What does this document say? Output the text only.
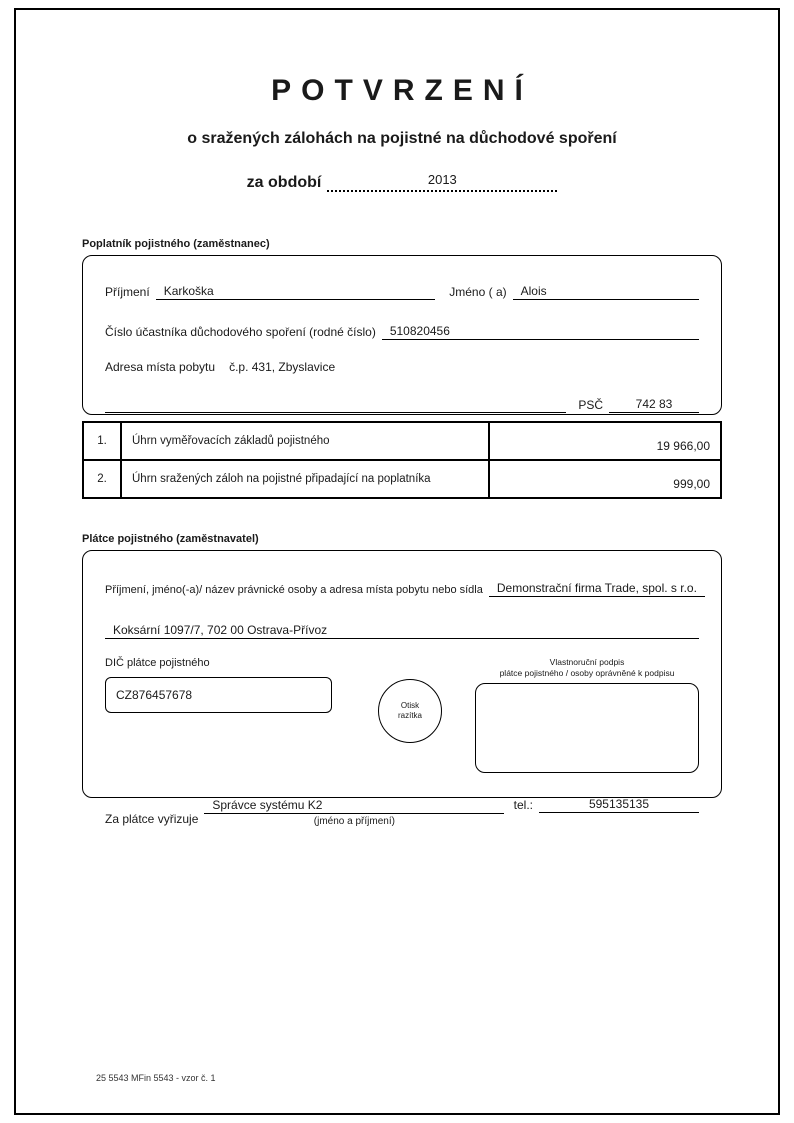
POTVRZENÍ
o sražených zálohách na pojistné na důchodové spoření
za období	2013
Poplatník pojistného (zaměstnanec)
Příjmení	Karkoška	Jméno ( a)	Alois
Číslo účastníka důchodového spoření (rodné číslo)	510820456
Adresa místa pobytu	č.p. 431, Zbyslavice
PSČ	742 83
1.	Úhrn vyměřovacích základů pojistného	19 966,00
2.	Úhrn sražených záloh na pojistné připadající na poplatníka	999,00
Plátce pojistného (zaměstnavatel)
Příjmení, jméno(-a)/ název právnické osoby a adresa místa pobytu nebo sídla	Demonstrační firma Trade, spol. s r.o.
Koksární 1097/7, 702 00 Ostrava-Přívoz
DIČ plátce pojistného
CZ876457678
Otisk
razítka
Vlastnoruční podpis
plátce pojistného / osoby oprávněné k podpisu
Za plátce vyřizuje
Správce systému K2
(jméno a příjmení)
tel.:	595135135
25 5543 MFin 5543 - vzor č. 1
